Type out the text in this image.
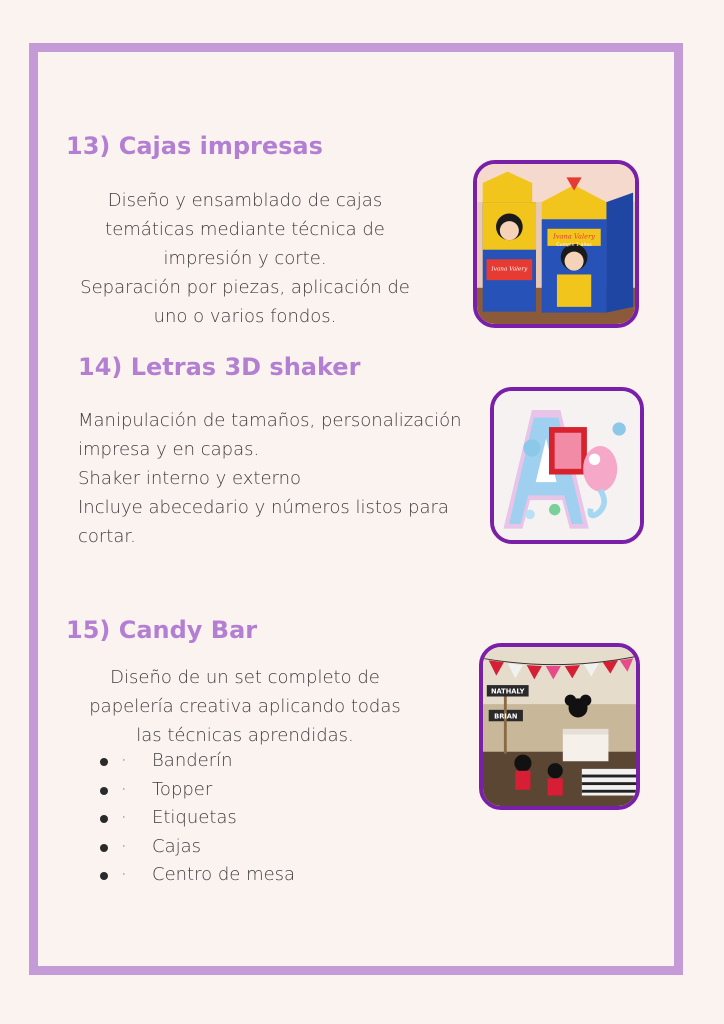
13) Cajas impresas
Diseño y ensamblado de cajas
temáticas mediante técnica de
impresión y corte.
Separación por piezas, aplicación de
uno o varios fondos.
Ivana Valery
Cumple 1 años
Ivana Valery
14) Letras 3D shaker
Manipulación de tamaños, personalización
impresa y en capas.
Shaker interno y externo
Incluye abecedario y números listos para
cortar.
15) Candy Bar
Diseño de un set completo de
papelería creativa aplicando todas
las técnicas aprendidas.
· Banderín
· Topper
· Etiquetas
· Cajas
· Centro de mesa
NATHALY
BRIAN
